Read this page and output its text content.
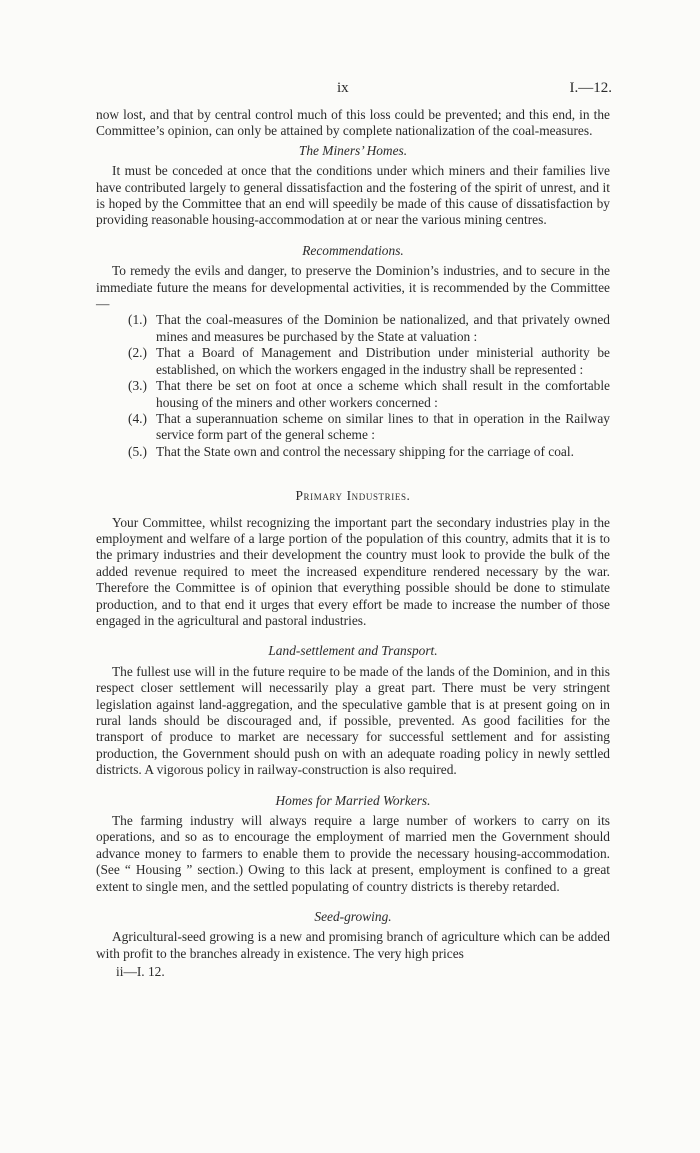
ix	I.—12.

now lost, and that by central control much of this loss could be prevented; and this end, in the Committee’s opinion, can only be attained by complete nationalization of the coal-measures.

The Miners’ Homes.

It must be conceded at once that the conditions under which miners and their families live have contributed largely to general dissatisfaction and the fostering of the spirit of unrest, and it is hoped by the Committee that an end will speedily be made of this cause of dissatisfaction by providing reasonable housing-accommodation at or near the various mining centres.

Recommendations.

To remedy the evils and danger, to preserve the Dominion’s industries, and to secure in the immediate future the means for developmental activities, it is recommended by the Committee —

(1.) That the coal-measures of the Dominion be nationalized, and that privately owned mines and measures be purchased by the State at valuation :
(2.) That a Board of Management and Distribution under ministerial authority be established, on which the workers engaged in the industry shall be represented :
(3.) That there be set on foot at once a scheme which shall result in the comfortable housing of the miners and other workers concerned :
(4.) That a superannuation scheme on similar lines to that in operation in the Railway service form part of the general scheme :
(5.) That the State own and control the necessary shipping for the carriage of coal.
Primary Industries.

Your Committee, whilst recognizing the important part the secondary industries play in the employment and welfare of a large portion of the population of this country, admits that it is to the primary industries and their development the country must look to provide the bulk of the added revenue required to meet the increased expenditure rendered necessary by the war. Therefore the Committee is of opinion that everything possible should be done to stimulate production, and to that end it urges that every effort be made to increase the number of those engaged in the agricultural and pastoral industries.

Land-settlement and Transport.

The fullest use will in the future require to be made of the lands of the Dominion, and in this respect closer settlement will necessarily play a great part. There must be very stringent legislation against land-aggregation, and the speculative gamble that is at present going on in rural lands should be discouraged and, if possible, prevented. As good facilities for the transport of produce to market are necessary for successful settlement and for assisting production, the Government should push on with an adequate roading policy in newly settled districts. A vigorous policy in railway-construction is also required.

Homes for Married Workers.

The farming industry will always require a large number of workers to carry on its operations, and so as to encourage the employment of married men the Government should advance money to farmers to enable them to provide the necessary housing-accommodation. (See “ Housing ” section.) Owing to this lack at present, employment is confined to a great extent to single men, and the settled populating of country districts is thereby retarded.

Seed-growing.

Agricultural-seed growing is a new and promising branch of agriculture which can be added with profit to the branches already in existence. The very high prices

ii—I. 12.
